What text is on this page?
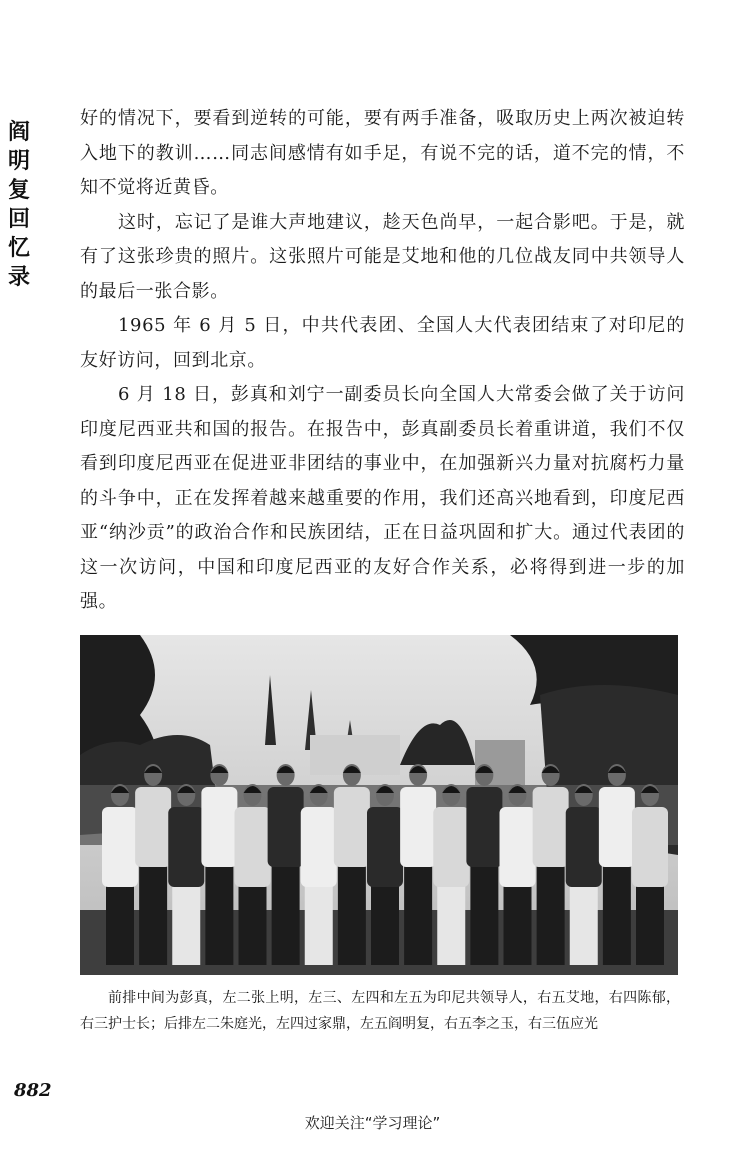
阎明复回忆录

好的情况下，要看到逆转的可能，要有两手准备，吸取历史上两次被迫转入地下的教训……同志间感情有如手足，有说不完的话，道不完的情，不知不觉将近黄昏。

这时，忘记了是谁大声地建议，趁天色尚早，一起合影吧。于是，就有了这张珍贵的照片。这张照片可能是艾地和他的几位战友同中共领导人的最后一张合影。

1965 年 6 月 5 日，中共代表团、全国人大代表团结束了对印尼的友好访问，回到北京。

6 月 18 日，彭真和刘宁一副委员长向全国人大常委会做了关于访问印度尼西亚共和国的报告。在报告中，彭真副委员长着重讲道，我们不仅看到印度尼西亚在促进亚非团结的事业中，在加强新兴力量对抗腐朽力量的斗争中，正在发挥着越来越重要的作用，我们还高兴地看到，印度尼西亚“纳沙贡”的政治合作和民族团结，正在日益巩固和扩大。通过代表团的这一次访问，中国和印度尼西亚的友好合作关系，必将得到进一步的加强。

前排中间为彭真，左二张上明，左三、左四和左五为印尼共领导人，右五艾地，右四陈郁，右三护士长；后排左二朱庭光，左四过家鼎，左五阎明复，右五李之玉，右三伍应光

882
欢迎关注“学习理论”
